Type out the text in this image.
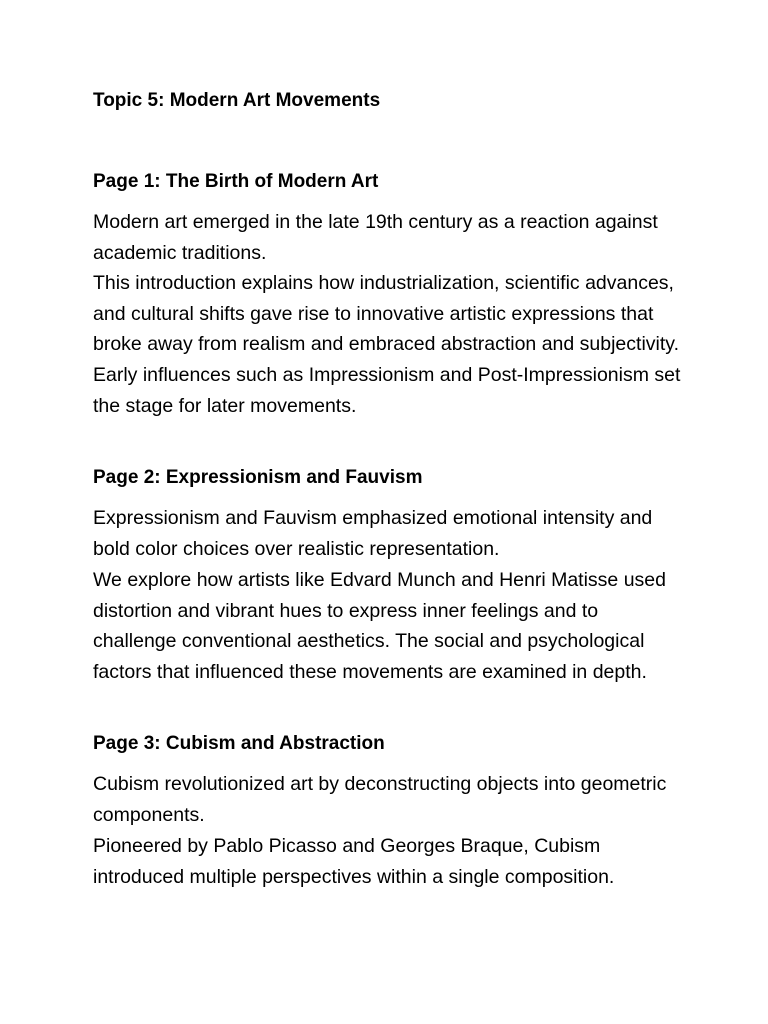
Topic 5: Modern Art Movements
Page 1: The Birth of Modern Art

Modern art emerged in the late 19th century as a reaction against academic traditions.

This introduction explains how industrialization, scientific advances, and cultural shifts gave rise to innovative artistic expressions that broke away from realism and embraced abstraction and subjectivity. Early influences such as Impressionism and Post-Impressionism set the stage for later movements.

Page 2: Expressionism and Fauvism

Expressionism and Fauvism emphasized emotional intensity and bold color choices over realistic representation.

We explore how artists like Edvard Munch and Henri Matisse used distortion and vibrant hues to express inner feelings and to challenge conventional aesthetics. The social and psychological factors that influenced these movements are examined in depth.

Page 3: Cubism and Abstraction

Cubism revolutionized art by deconstructing objects into geometric components.

Pioneered by Pablo Picasso and Georges Braque, Cubism introduced multiple perspectives within a single composition.
